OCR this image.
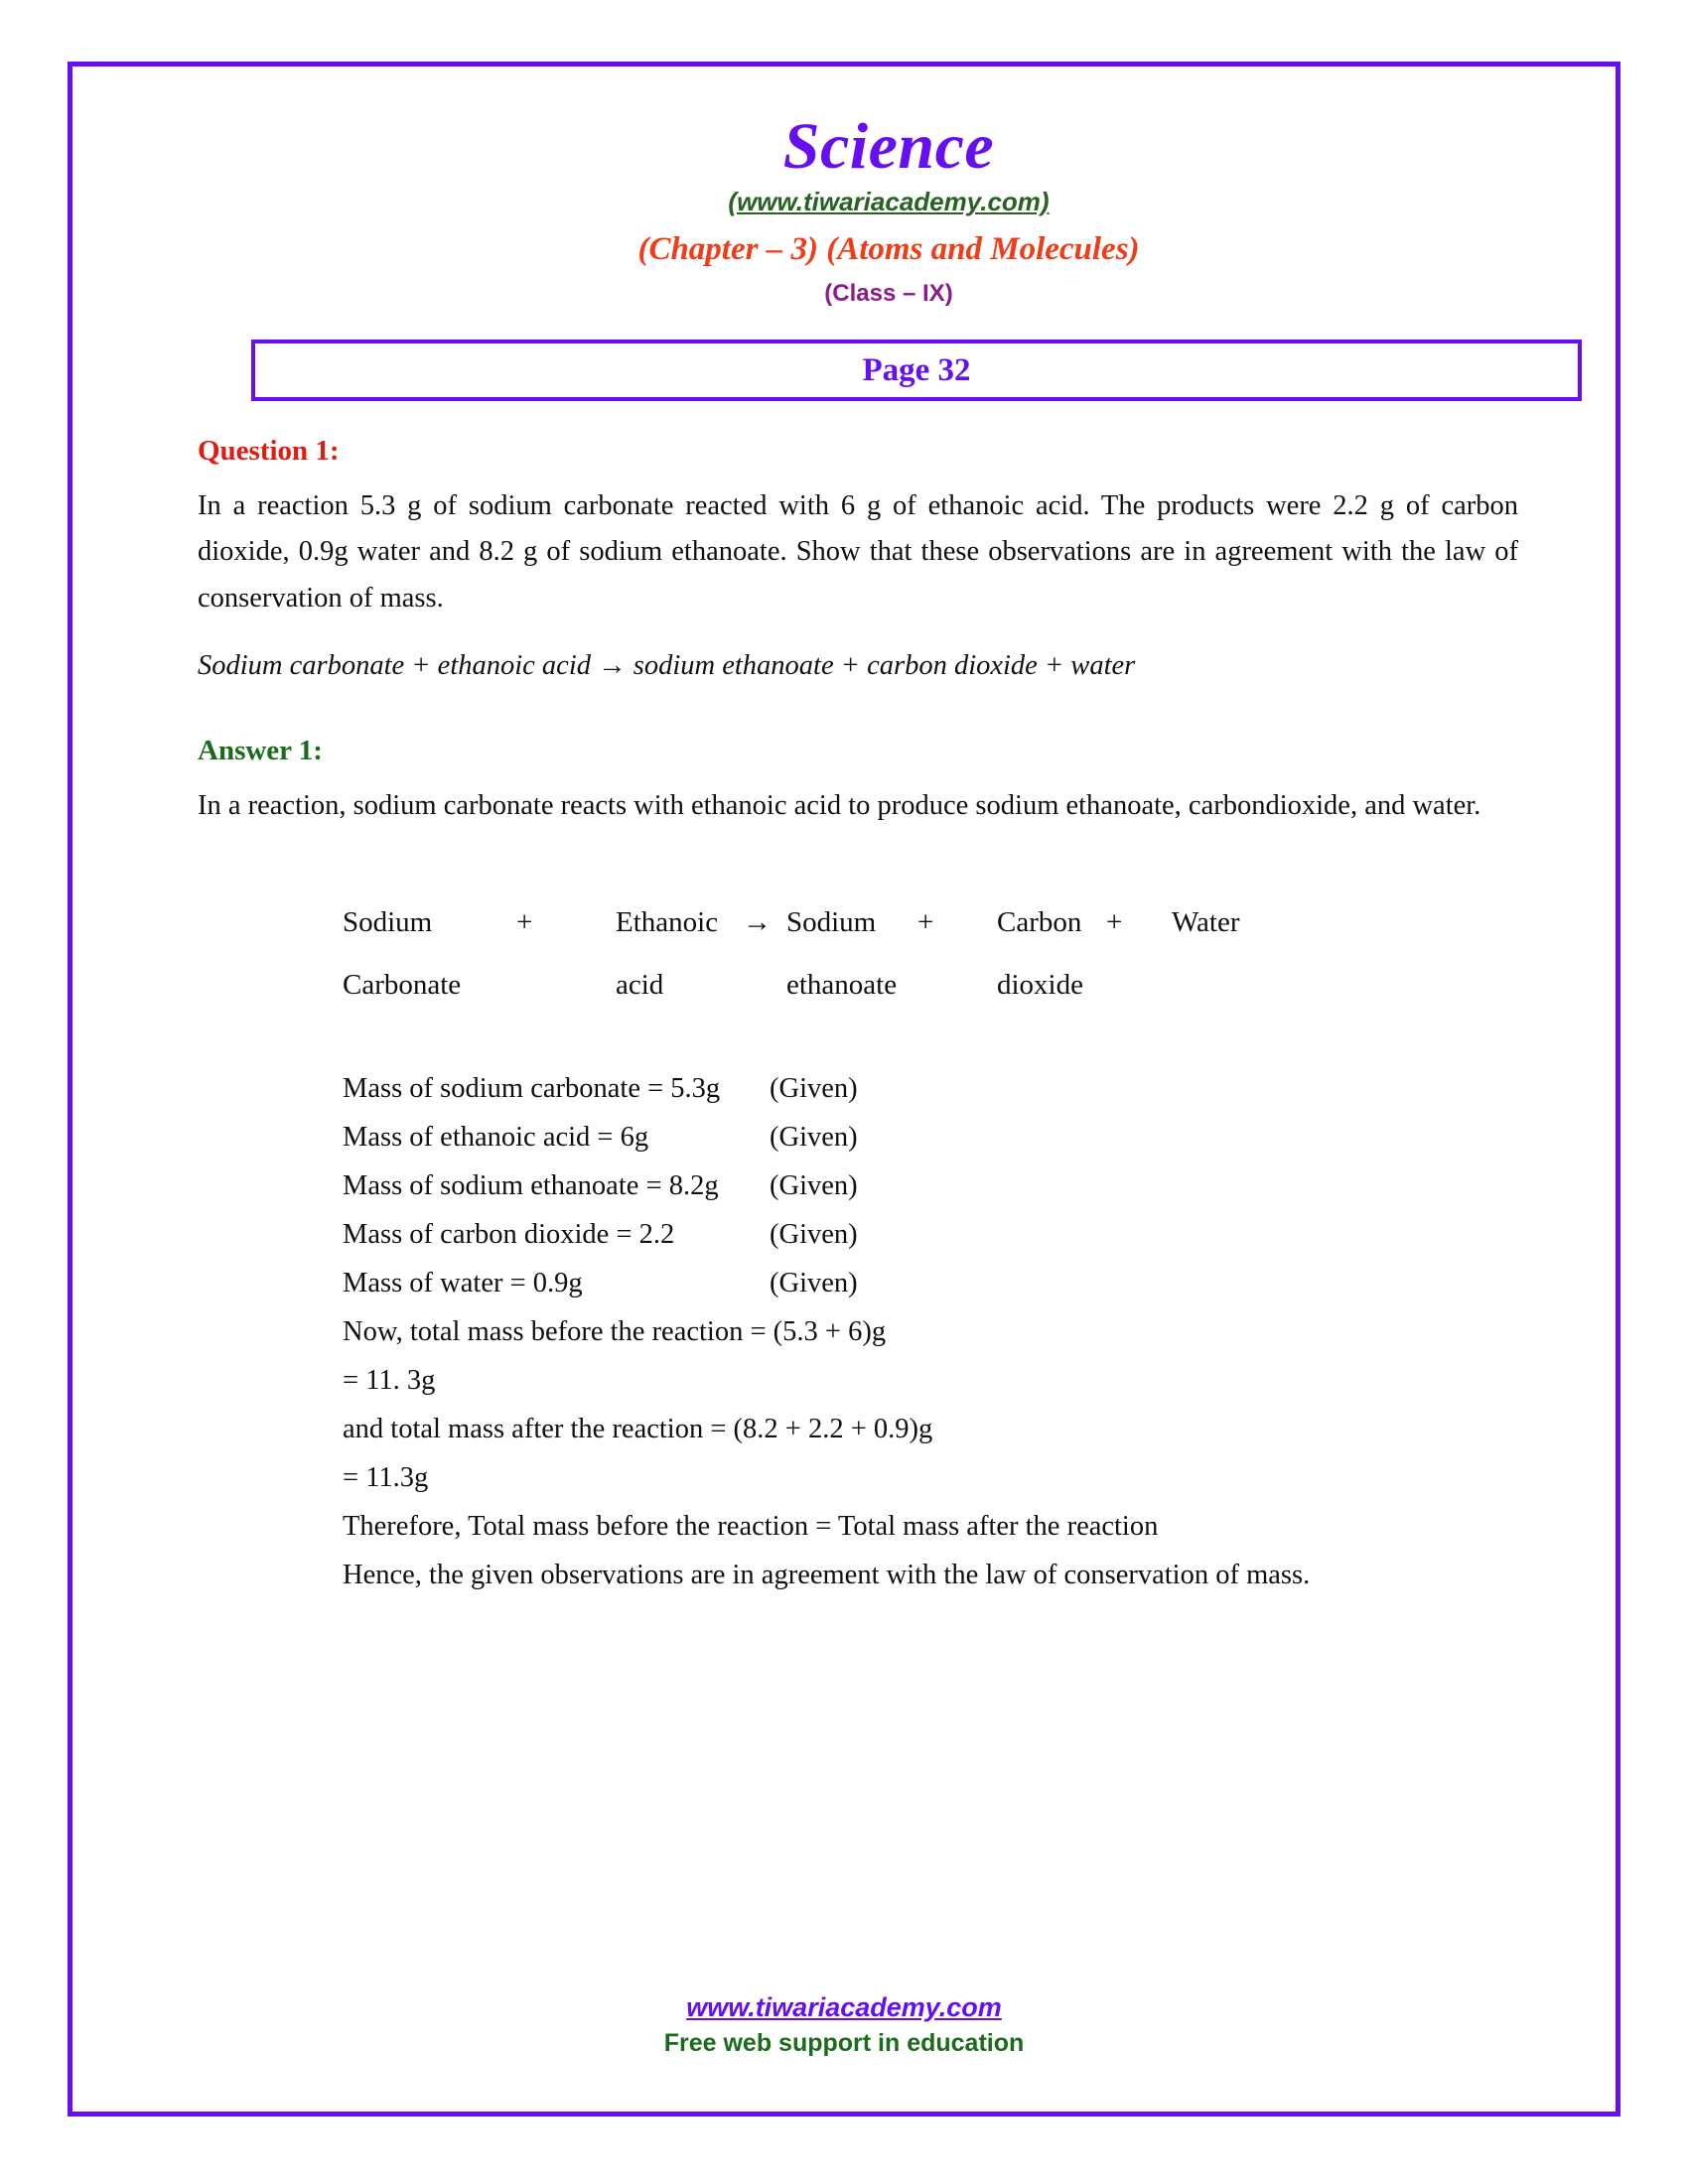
Science
(www.tiwariacademy.com)
(Chapter – 3) (Atoms and Molecules)
(Class – IX)
Page 32
Question 1:
In a reaction 5.3 g of sodium carbonate reacted with 6 g of ethanoic acid. The products were 2.2 g of carbon dioxide, 0.9g water and 8.2 g of sodium ethanoate. Show that these observations are in agreement with the law of conservation of mass.
Sodium carbonate + ethanoic acid → sodium ethanoate + carbon dioxide + water
Answer 1:
In a reaction, sodium carbonate reacts with ethanoic acid to produce sodium ethanoate, carbondioxide, and water.
Sodium	+	Ethanoic → Sodium	+	Carbon +	Water
Carbonate	acid	ethanoate	dioxide
Mass of sodium carbonate = 5.3g	(Given)
Mass of ethanoic acid = 6g	(Given)
Mass of sodium ethanoate = 8.2g	(Given)
Mass of carbon dioxide = 2.2	(Given)
Mass of water = 0.9g	(Given)
Now, total mass before the reaction = (5.3 + 6)g
= 11. 3g
and total mass after the reaction = (8.2 + 2.2 + 0.9)g
= 11.3g
Therefore, Total mass before the reaction = Total mass after the reaction
Hence, the given observations are in agreement with the law of conservation of mass.
www.tiwariacademy.com
Free web support in education
